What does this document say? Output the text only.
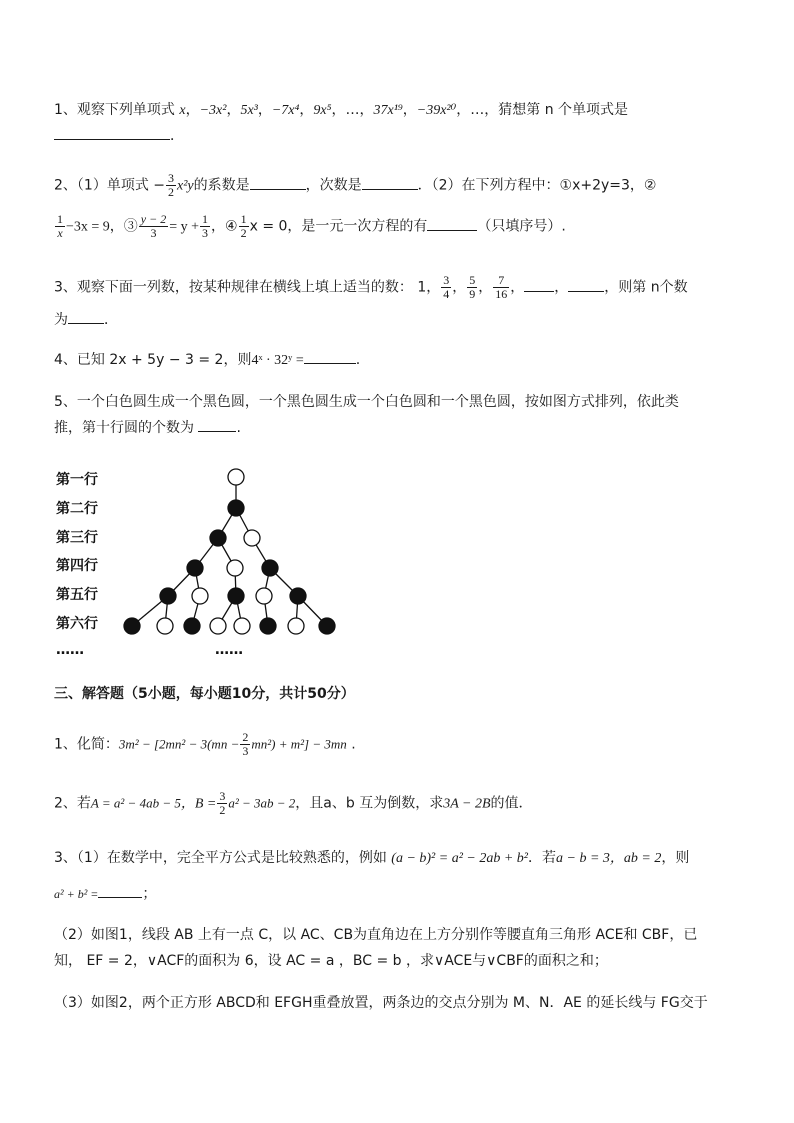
1、观察下列单项式 x，−3x²，5x³，−7x⁴，9x⁵，…，37x¹⁹，−39x²⁰，…，猜想第 n 个单项式是
．
2、（1）单项式 − $\frac{3}{2} x^2y$的系数是	，次数是	．（2）在下列方程中：①x+2y=3，②
$\frac{1}{x} -3x = 9$，③ $\frac{y - 2}{3} = y + \frac{1}{3}$ ，④ $\frac{1}{2}$ x = 0，是一元一次方程的有	（只填序号）.
3、观察下面一列数，按某种规律在横线上填上适当的数： 1， $\frac{3}{4}$ ， $\frac{5}{9}$ ， $\frac{7}{16}$ ， ，	，则第 n个数
为	．
4、已知 2x + 5y − 3 = 2，则4ˣ · 32ʸ =	.
5、一个白色圆生成一个黑色圆，一个黑色圆生成一个白色圆和一个黑色圆，按如图方式排列，依此类
推，第十行圆的个数为	.
第一行
第二行
第三行
第四行
第五行
第六行
……	……
三、解答题（5小题，每小题10分，共计50分）
1、化简：$3m^2 - [2mn^2 - 3(mn - \frac{2}{3} mn^2) + m^2] - 3mn$ .
2、若A = a² − 4ab − 5，$B = \frac{3}{2} a^2 - 3ab - 2$，且a、b 互为倒数，求3A − 2B的值．
3、（1）在数学中，完全平方公式是比较熟悉的，例如 (a − b)² = a² − 2ab + b²．若a − b = 3，ab = 2，则
a² + b² =	；
（2）如图1，线段 AB 上有一点 C，以 AC、CB为直角边在上方分别作等腰直角三角形 ACE和 CBF，已
知， EF = 2，∨ACF的面积为 6，设 AC = a ，BC = b ，求∨ACE与∨CBF的面积之和；
（3）如图2，两个正方形 ABCD和 EFGH重叠放置，两条边的交点分别为 M、N．AE 的延长线与 FG交于
